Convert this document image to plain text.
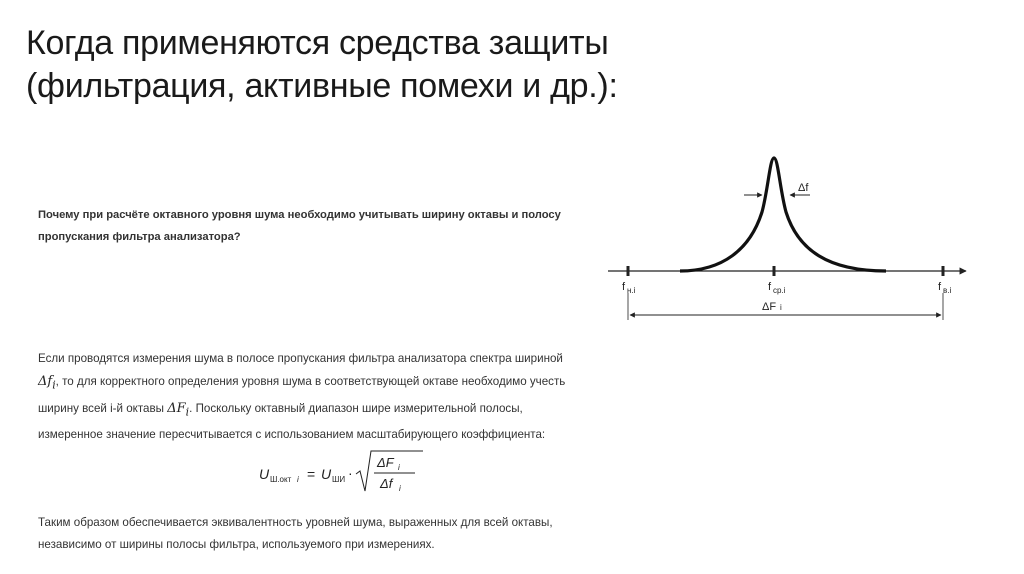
Когда применяются средства защиты
(фильтрация, активные помехи и др.):
Почему при расчёте октавного уровня шума необходимо учитывать ширину октавы и полосу
пропускания фильтра анализатора?
Если проводятся измерения шума в полосе пропускания фильтра анализатора спектра шириной
$\Delta f_i$, то для корректного определения уровня шума в соответствующей октаве необходимо учесть
ширину всей i-й октавы $\Delta F_i$. Поскольку октавный диапазон шире измерительной полосы,
измеренное значение пересчитывается с использованием масштабирующего коэффициента:
U Ш.окт i = U ШИ ·
ΔF i
Δf i
Таким образом обеспечивается эквивалентность уровней шума, выраженных для всей октавы,
независимо от ширины полосы фильтра, используемого при измерениях.
Δf
f н.i	f ср.i	f в.i
ΔF i
